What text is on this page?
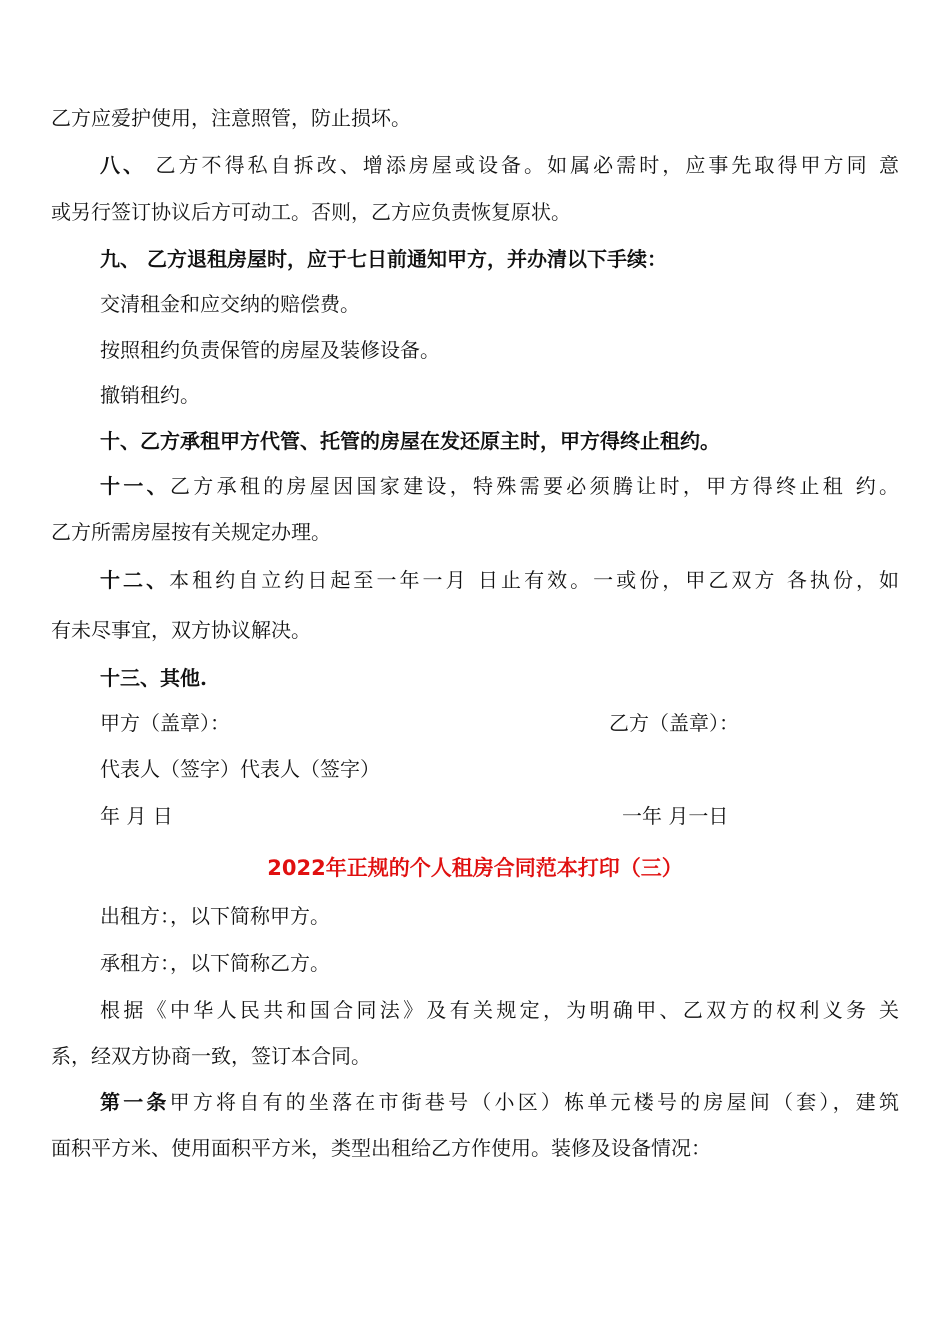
乙方应爱护使用，注意照管，防止损坏。
八、 乙方不得私自拆改、增添房屋或设备。如属必需时，应事先取得甲方同 意
或另行签订协议后方可动工。否则，乙方应负责恢复原状。
九、 乙方退租房屋时，应于七日前通知甲方，并办清以下手续：
交清租金和应交纳的赔偿费。
按照租约负责保管的房屋及装修设备。
撤销租约。
十、乙方承租甲方代管、托管的房屋在发还原主时，甲方得终止租约。
十一、乙方承租的房屋因国家建设，特殊需要必须腾让时，甲方得终止租 约。
乙方所需房屋按有关规定办理。
十二、本租约自立约日起至一年一月 日止有效。一或份，甲乙双方 各执份，如
有未尽事宜，双方协议解决。
十三、其他.
甲方（盖章）：	乙方（盖章）：
代表人（签字）代表人（签字）
年 月 日	一年 月一日
2022年正规的个人租房合同范本打印（三）
出租方：，以下简称甲方。
承租方：，以下简称乙方。
根据《中华人民共和国合同法》及有关规定，为明确甲、乙双方的权利义务 关
系，经双方协商一致，签订本合同。
第一条甲方将自有的坐落在市街巷号（小区）栋单元楼号的房屋间（套），建筑
面积平方米、使用面积平方米，类型出租给乙方作使用。装修及设备情况：
